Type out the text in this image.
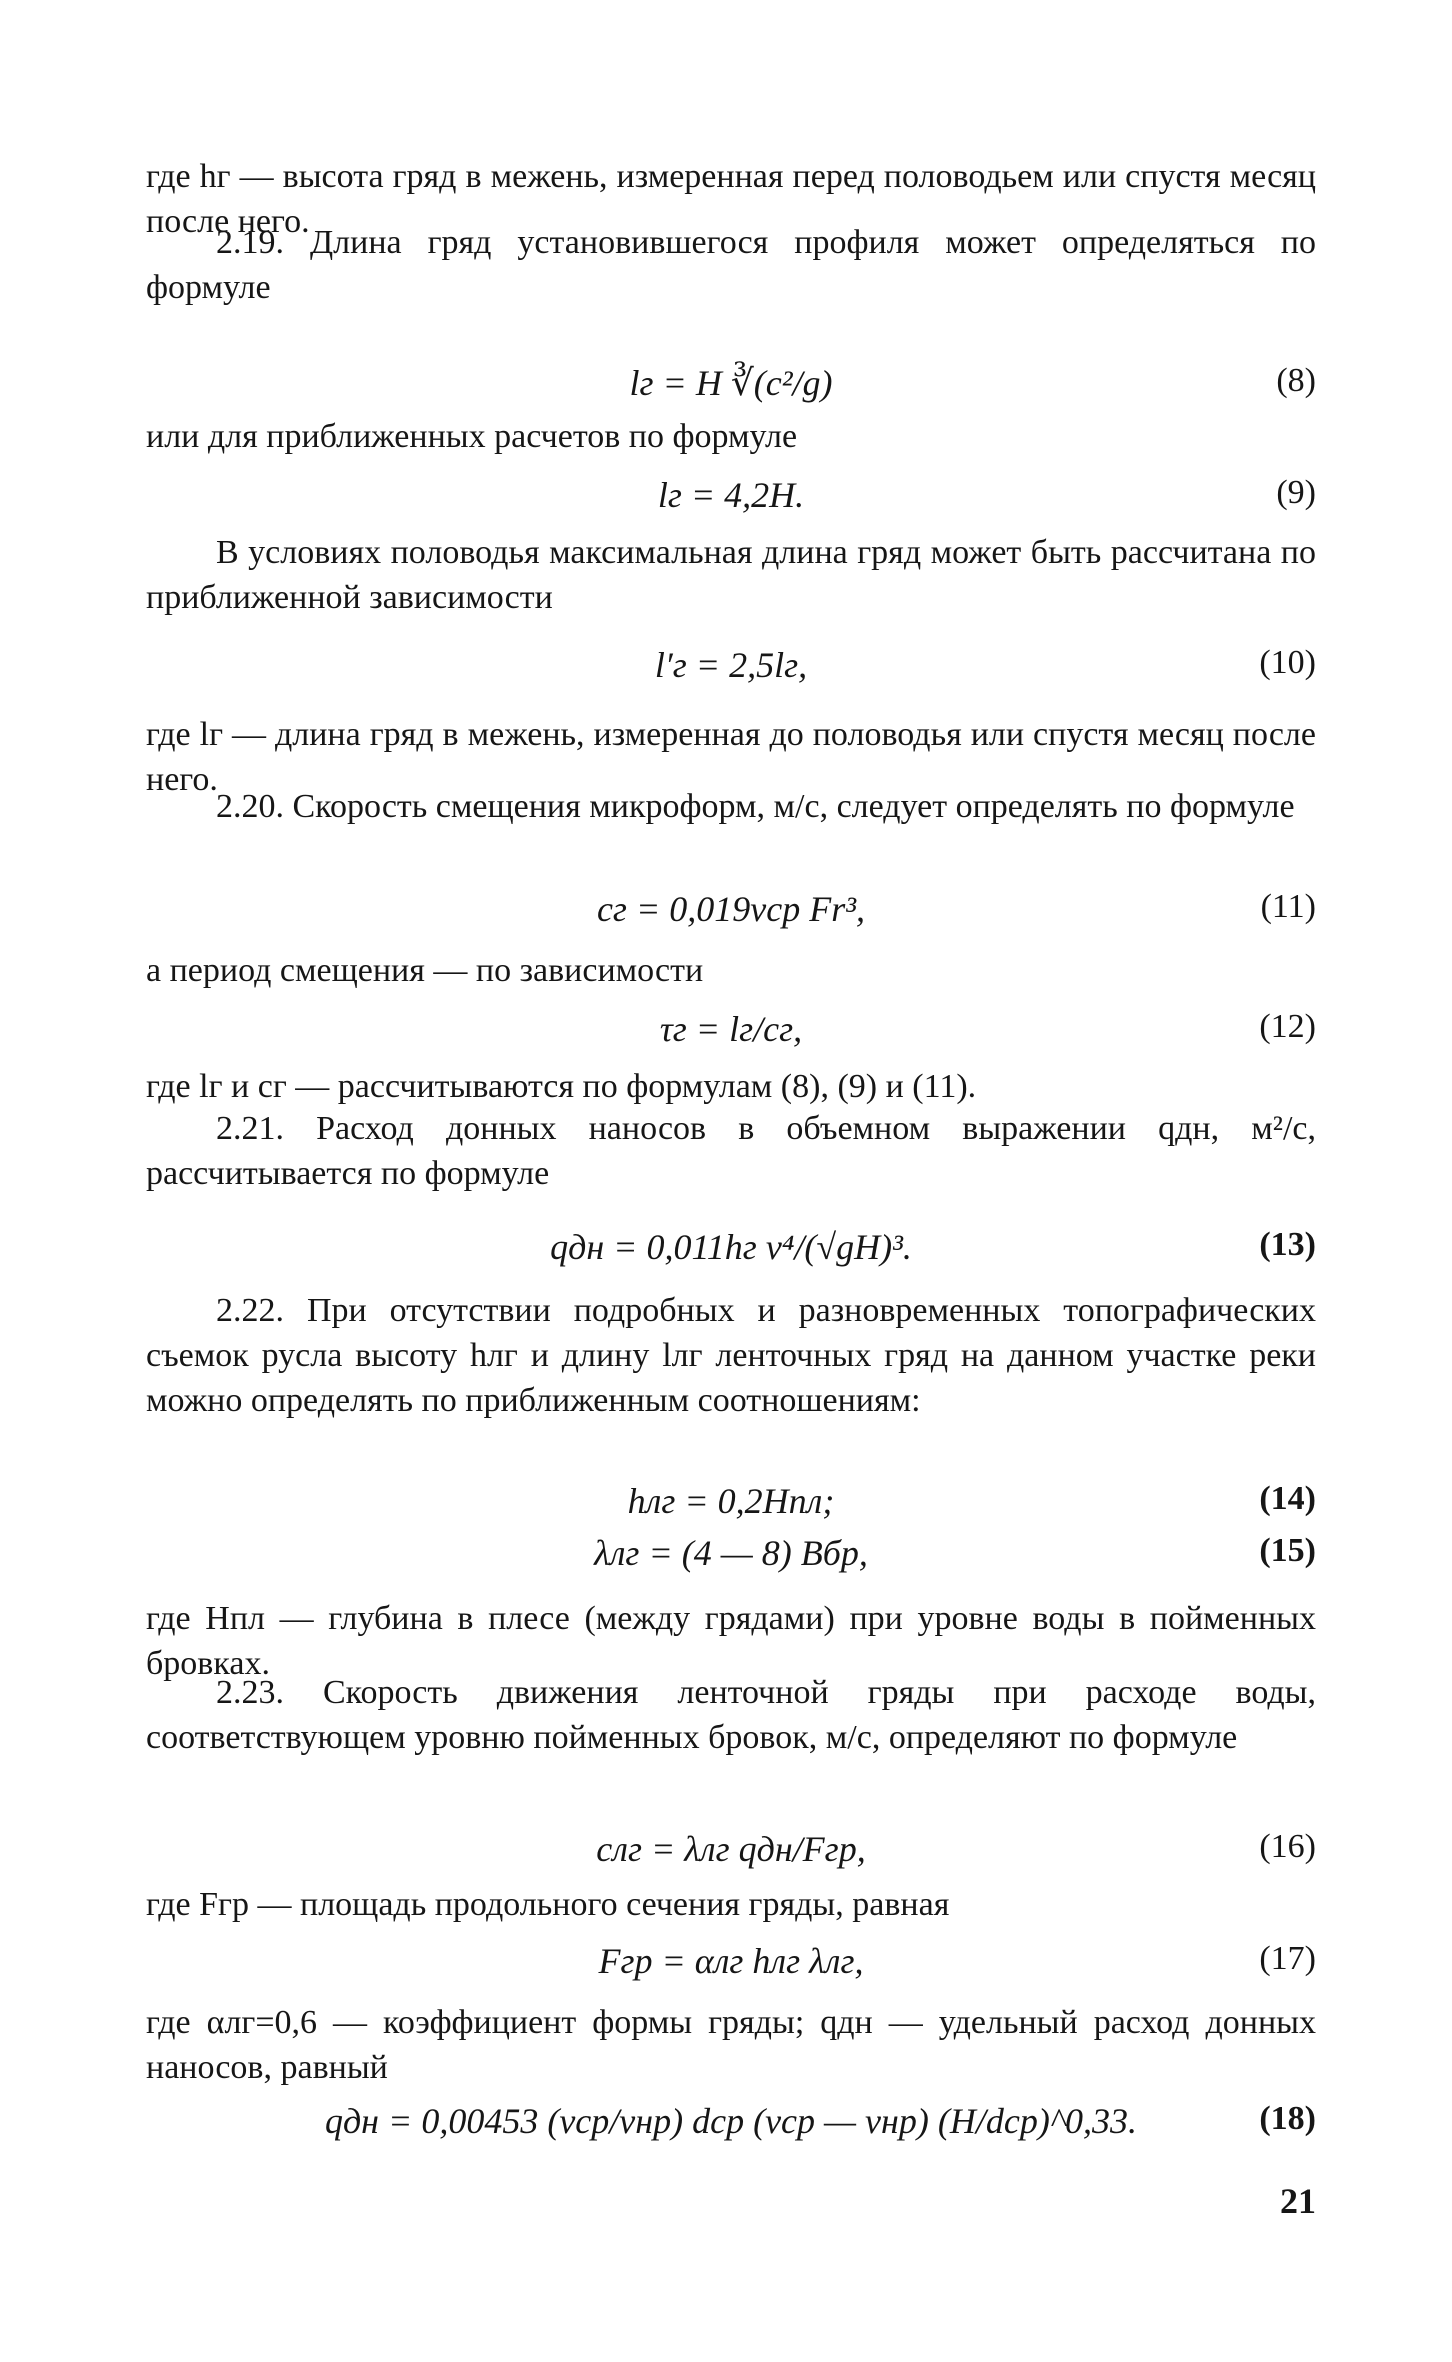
где hг — высота гряд в межень, измеренная перед половодьем или спустя месяц после него.
2.19. Длина гряд установившегося профиля может определяться по формуле
lг = H ∛(c²/g)	(8)
или для приближенных расчетов по формуле
lг = 4,2H.	(9)
В условиях половодья максимальная длина гряд может быть рассчитана по приближенной зависимости
l′г = 2,5lг,	(10)
где lг — длина гряд в межень, измеренная до половодья или спустя месяц после него.
2.20. Скорость смещения микроформ, м/с, следует определять по формуле
cг = 0,019vср Fr³,	(11)
а период смещения — по зависимости
τг = lг/cг,	(12)
где lг и cг — рассчитываются по формулам (8), (9) и (11).
2.21. Расход донных наносов в объемном выражении qдн, м²/с, рассчитывается по формуле
qдн = 0,011hг v⁴/(√gH)³.	(13)
2.22. При отсутствии подробных и разновременных топографических съемок русла высоту hлг и длину lлг ленточных гряд на данном участке реки можно определять по приближенным соотношениям:
hлг = 0,2Hпл;	(14)
λлг = (4 — 8) Bбр,	(15)
где Hпл — глубина в плесе (между грядами) при уровне воды в пойменных бровках.
2.23. Скорость движения ленточной гряды при расходе воды, соответствующем уровню пойменных бровок, м/с, определяют по формуле
cлг = λлг qдн/Fгр,	(16)
где Fгр — площадь продольного сечения гряды, равная
Fгр = αлг hлг λлг,	(17)
где αлг=0,6 — коэффициент формы гряды; qдн — удельный расход донных наносов, равный
qдн = 0,00453 (vср/vнр) dср (vср — vнр) (H/dср)^0,33.	(18)
21
